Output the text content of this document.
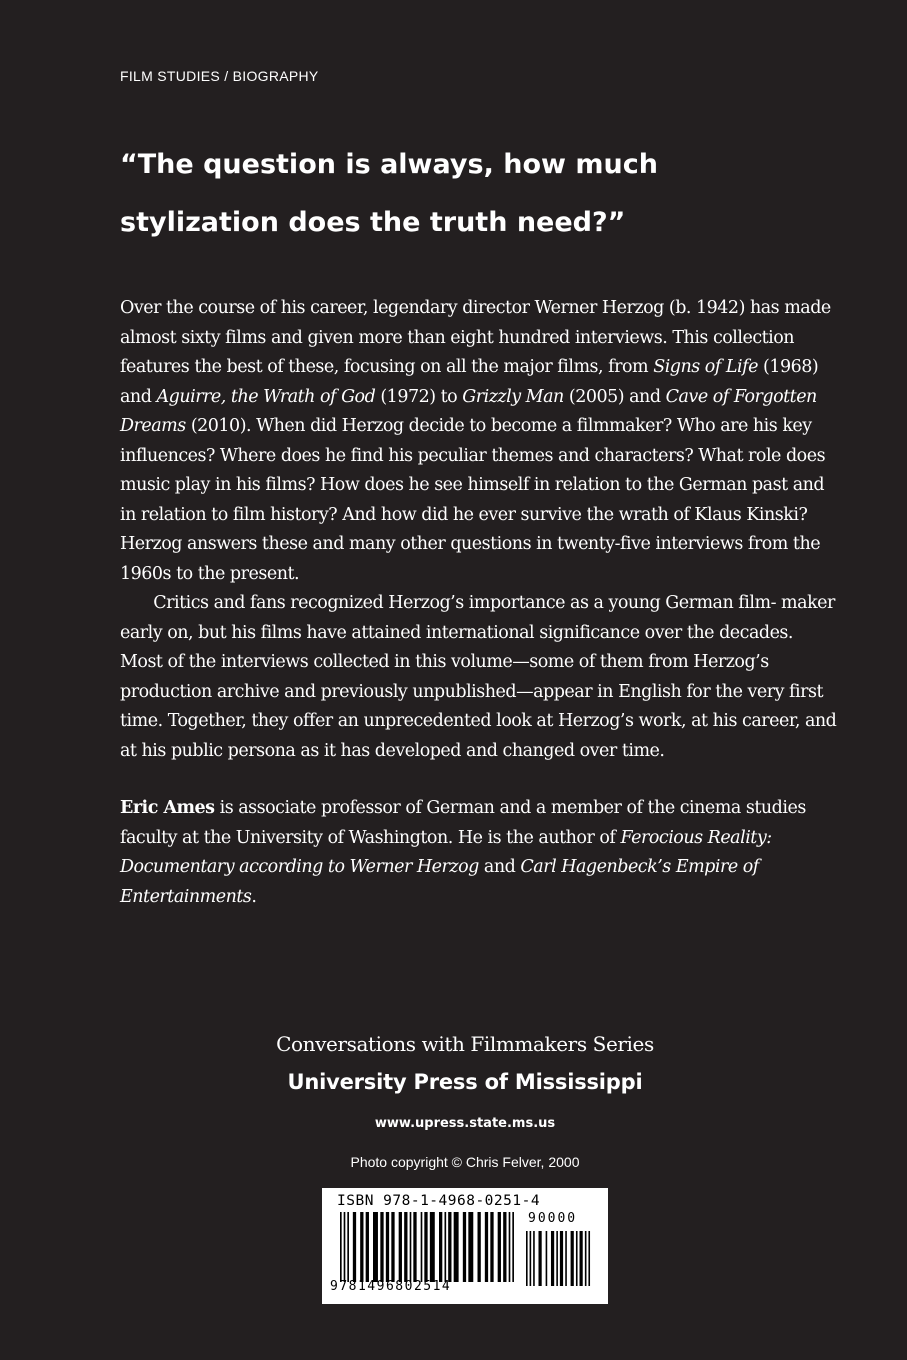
FILM STUDIES / BIOGRAPHY
“The question is always, how much
stylization does the truth need?”

Over the course of his career, legendary director Werner Herzog (b. 1942) has made almost sixty films and given more than eight hundred interviews. This collection features the best of these, focusing on all the major films, from Signs of Life (1968) and Aguirre, the Wrath of God (1972) to Grizzly Man (2005) and Cave of Forgotten Dreams (2010). When did Herzog decide to become a filmmaker? Who are his key influences? Where does he find his peculiar themes and characters? What role does music play in his films? How does he see himself in relation to the German past and in relation to film history? And how did he ever survive the wrath of Klaus Kinski? Herzog answers these and many other questions in twenty-five interviews from the 1960s to the present.

Critics and fans recognized Herzog’s importance as a young German film- maker early on, but his films have attained international significance over the decades. Most of the interviews collected in this volume—some of them from Herzog’s production archive and previously unpublished—appear in English for the very first time. Together, they offer an unprecedented look at Herzog’s work, at his career, and at his public persona as it has developed and changed over time.

Eric Ames is associate professor of German and a member of the cinema studies faculty at the University of Washington. He is the author of Ferocious Reality: Documentary according to Werner Herzog and Carl Hagenbeck’s Empire of Entertainments.

Conversations with Filmmakers Series
University Press of Mississippi
www.upress.state.ms.us
Photo copyright © Chris Felver, 2000
ISBN 978-1-4968-0251-4
90000
9781496802514
